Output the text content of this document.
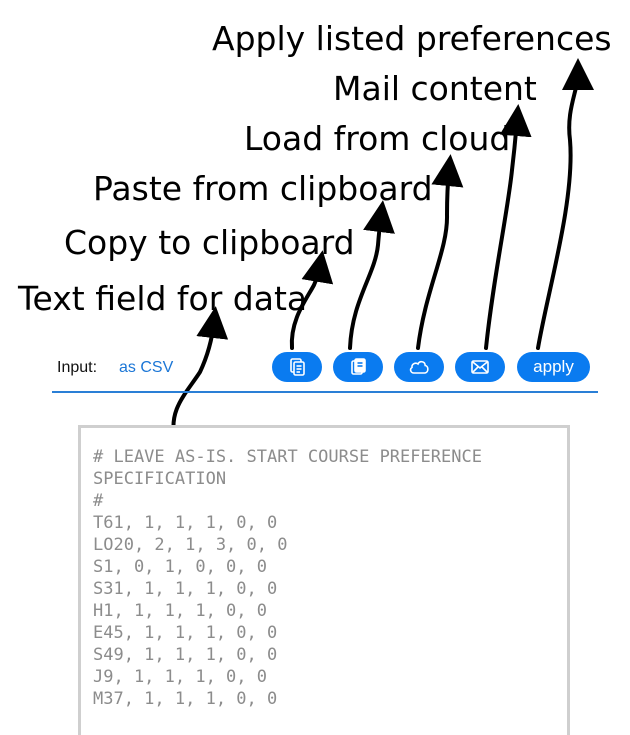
Apply listed preferences
Mail content
Load from cloud
Paste from clipboard
Copy to clipboard
Text field for data
Input: as CSV	apply
# LEAVE AS-IS. START COURSE PREFERENCE
SPECIFICATION
#
T61, 1, 1, 1, 0, 0
LO20, 2, 1, 3, 0, 0
S1, 0, 1, 0, 0, 0
S31, 1, 1, 1, 0, 0
H1, 1, 1, 1, 0, 0
E45, 1, 1, 1, 0, 0
S49, 1, 1, 1, 0, 0
J9, 1, 1, 1, 0, 0
M37, 1, 1, 1, 0, 0
